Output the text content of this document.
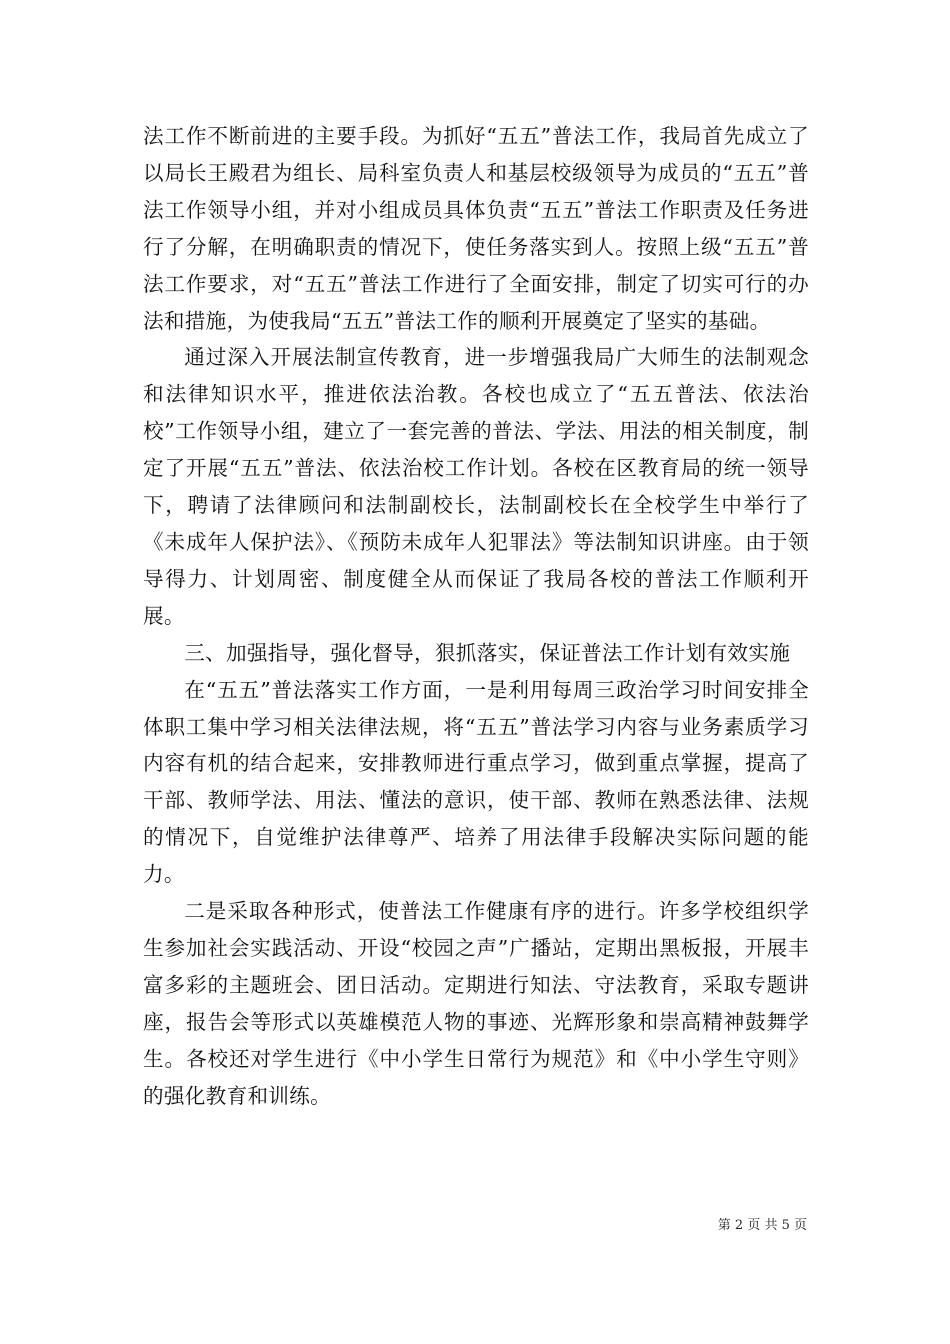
法工作不断前进的主要手段。为抓好“五五”普法工作，我局首先成立了以局长王殿君为组长、局科室负责人和基层校级领导为成员的“五五”普法工作领导小组，并对小组成员具体负责“五五”普法工作职责及任务进行了分解，在明确职责的情况下，使任务落实到人。按照上级“五五”普法工作要求，对“五五”普法工作进行了全面安排，制定了切实可行的办法和措施，为使我局“五五”普法工作的顺利开展奠定了坚实的基础。

通过深入开展法制宣传教育，进一步增强我局广大师生的法制观念和法律知识水平，推进依法治教。各校也成立了“五五普法、依法治校”工作领导小组，建立了一套完善的普法、学法、用法的相关制度，制定了开展“五五”普法、依法治校工作计划。各校在区教育局的统一领导下，聘请了法律顾问和法制副校长，法制副校长在全校学生中举行了《未成年人保护法》、《预防未成年人犯罪法》等法制知识讲座。由于领导得力、计划周密、制度健全从而保证了我局各校的普法工作顺利开展。

三、加强指导，强化督导，狠抓落实，保证普法工作计划有效实施

在“五五”普法落实工作方面，一是利用每周三政治学习时间安排全体职工集中学习相关法律法规，将“五五”普法学习内容与业务素质学习内容有机的结合起来，安排教师进行重点学习，做到重点掌握，提高了干部、教师学法、用法、懂法的意识，使干部、教师在熟悉法律、法规的情况下，自觉维护法律尊严、培养了用法律手段解决实际问题的能力。

二是采取各种形式，使普法工作健康有序的进行。许多学校组织学生参加社会实践活动、开设“校园之声”广播站，定期出黑板报，开展丰富多彩的主题班会、团日活动。定期进行知法、守法教育，采取专题讲座，报告会等形式以英雄模范人物的事迹、光辉形象和崇高精神鼓舞学生。各校还对学生进行《中小学生日常行为规范》和《中小学生守则》的强化教育和训练。

第 2 页 共 5 页
